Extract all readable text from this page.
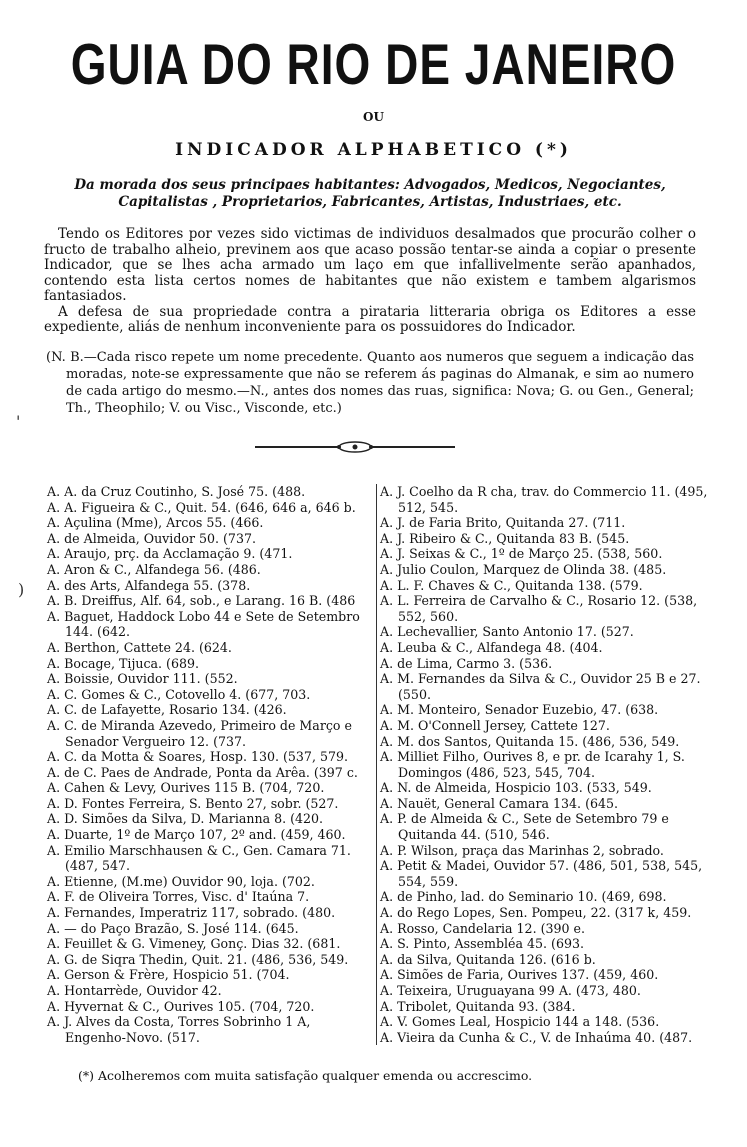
GUIA DO RIO DE JANEIRO
OU
INDICADOR ALPHABETICO (*)
Da morada dos seus principaes habitantes: Advogados, Medicos, Negociantes, Capitalistas , Proprietarios, Fabricantes, Artistas, Industriaes, etc.

Tendo os Editores por vezes sido victimas de individuos desalmados que procurão colher o fructo de trabalho alheio, previnem aos que acaso possão tentar-se ainda a copiar o presente Indicador, que se lhes acha armado um laço em que infallivelmente serão apanhados, contendo esta lista certos nomes de habitantes que não existem e tambem algarismos fantasiados.

A defesa de sua propriedade contra a pirataria litteraria obriga os Editores a esse expediente, aliás de nenhum inconveniente para os possuidores do Indicador.

(N. B.—Cada risco repete um nome precedente. Quanto aos numeros que seguem a indicação das moradas, note-se expressamente que não se referem ás paginas do Almanak, e sim ao numero de cada artigo do mesmo.—N., antes dos nomes das ruas, significa: Nova; G. ou Gen., General; Th., Theophilo; V. ou Visc., Visconde, etc.)

A. A. da Cruz Coutinho, S. José 75. (488.
A. A. Figueira & C., Quit. 54. (646, 646 a, 646 b.
A. Açulina (Mme), Arcos 55. (466.
A. de Almeida, Ouvidor 50. (737.
A. Araujo, prç. da Acclamação 9. (471.
A. Aron & C., Alfandega 56. (486.
A. des Arts, Alfandega 55. (378.
A. B. Dreiffus, Alf. 64, sob., e Larang. 16 B. (486
A. Baguet, Haddock Lobo 44 e Sete de Setembro 144. (642.
A. Berthon, Cattete 24. (624.
A. Bocage, Tijuca. (689.
A. Boissie, Ouvidor 111. (552.
A. C. Gomes & C., Cotovello 4. (677, 703.
A. C. de Lafayette, Rosario 134. (426.
A. C. de Miranda Azevedo, Primeiro de Março e Senador Vergueiro 12. (737.
A. C. da Motta & Soares, Hosp. 130. (537, 579.
A. de C. Paes de Andrade, Ponta da Arêa. (397 c.
A. Cahen & Levy, Ourives 115 B. (704, 720.
A. D. Fontes Ferreira, S. Bento 27, sobr. (527.
A. D. Simões da Silva, D. Marianna 8. (420.
A. Duarte, 1º de Março 107, 2º and. (459, 460.
A. Emilio Marschhausen & C., Gen. Camara 71. (487, 547.
A. Etienne, (M.me) Ouvidor 90, loja. (702.
A. F. de Oliveira Torres, Visc. d' Itaúna 7.
A. Fernandes, Imperatriz 117, sobrado. (480.
A. — do Paço Brazão, S. José 114. (645.
A. Feuillet & G. Vimeney, Gonç. Dias 32. (681.
A. G. de Siqra Thedin, Quit. 21. (486, 536, 549.
A. Gerson & Frère, Hospicio 51. (704.
A. Hontarrède, Ouvidor 42.
A. Hyvernat & C., Ourives 105. (704, 720.
A. J. Alves da Costa, Torres Sobrinho 1 A, Engenho-Novo. (517.
A. J. Coelho da R cha, trav. do Commercio 11. (495, 512, 545.
A. J. de Faria Brito, Quitanda 27. (711.
A. J. Ribeiro & C., Quitanda 83 B. (545.
A. J. Seixas & C., 1º de Março 25. (538, 560.
A. Julio Coulon, Marquez de Olinda 38. (485.
A. L. F. Chaves & C., Quitanda 138. (579.
A. L. Ferreira de Carvalho & C., Rosario 12. (538, 552, 560.
A. Lechevallier, Santo Antonio 17. (527.
A. Leuba & C., Alfandega 48. (404.
A. de Lima, Carmo 3. (536.
A. M. Fernandes da Silva & C., Ouvidor 25 B e 27. (550.
A. M. Monteiro, Senador Euzebio, 47. (638.
A. M. O'Connell Jersey, Cattete 127.
A. M. dos Santos, Quitanda 15. (486, 536, 549.
A. Milliet Filho, Ourives 8, e pr. de Icarahy 1, S. Domingos (486, 523, 545, 704.
A. N. de Almeida, Hospicio 103. (533, 549.
A. Nauët, General Camara 134. (645.
A. P. de Almeida & C., Sete de Setembro 79 e Quitanda 44. (510, 546.
A. P. Wilson, praça das Marinhas 2, sobrado.
A. Petit & Madei, Ouvidor 57. (486, 501, 538, 545, 554, 559.
A. de Pinho, lad. do Seminario 10. (469, 698.
A. do Rego Lopes, Sen. Pompeu, 22. (317 k, 459.
A. Rosso, Candelaria 12. (390 e.
A. S. Pinto, Assembléa 45. (693.
A. da Silva, Quitanda 126. (616 b.
A. Simões de Faria, Ourives 137. (459, 460.
A. Teixeira, Uruguayana 99 A. (473, 480.
A. Tribolet, Quitanda 93. (384.
A. V. Gomes Leal, Hospicio 144 a 148. (536.
A. Vieira da Cunha & C., V. de Inhaúma 40. (487.
(*) Acolheremos com muita satisfação qualquer emenda ou accrescimo.
'
)
